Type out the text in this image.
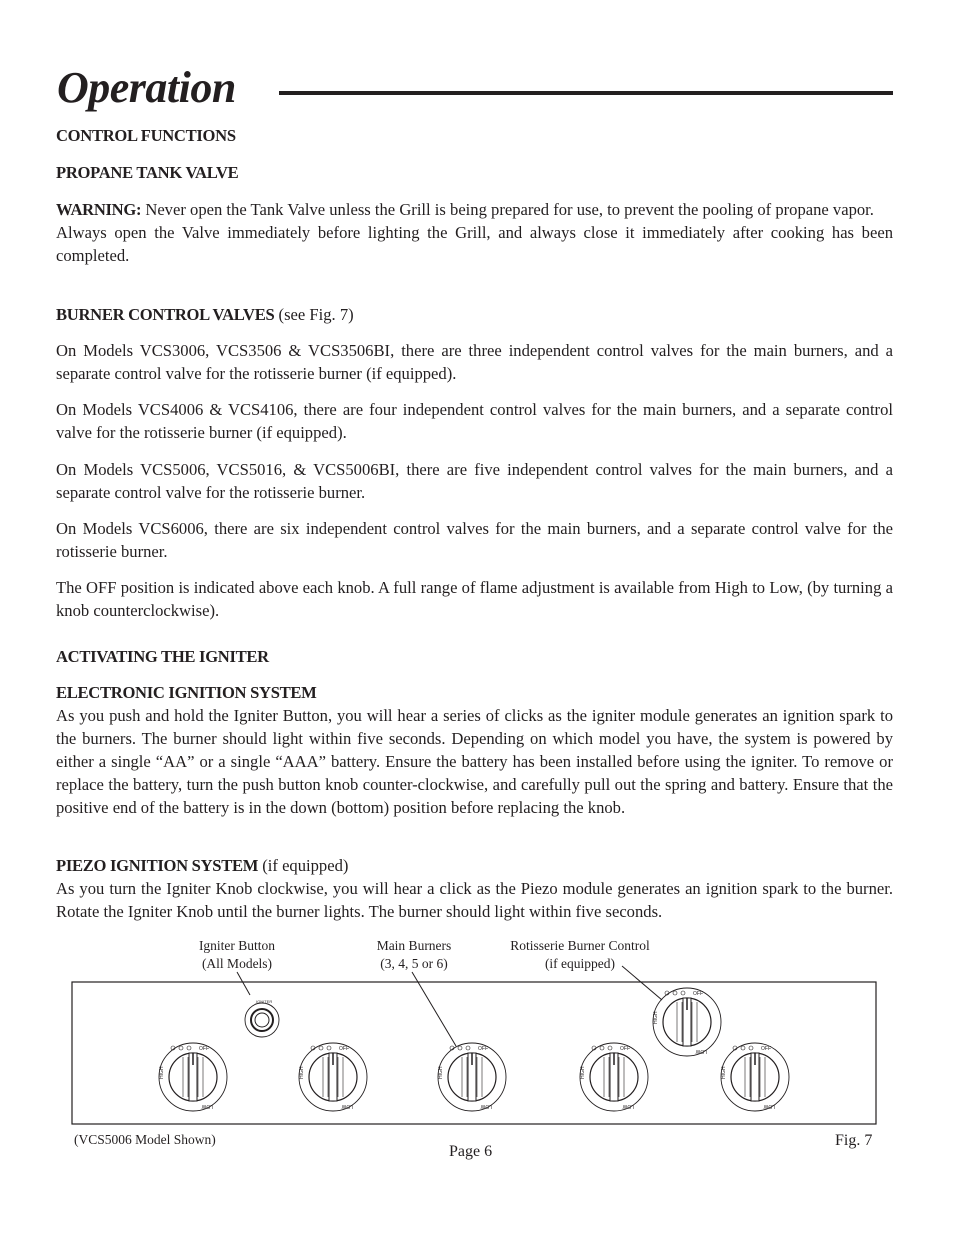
Operation
CONTROL FUNCTIONS
PROPANE TANK VALVE
WARNING: Never open the Tank Valve unless the Grill is being prepared for use, to prevent the pooling of propane vapor.
Always open the Valve immediately before lighting the Grill, and always close it immediately after cooking has been completed.
BURNER CONTROL VALVES (see Fig. 7)
On Models VCS3006, VCS3506 & VCS3506BI, there are three independent control valves for the main burners, and a separate control valve for the rotisserie burner (if equipped).
On Models VCS4006 & VCS4106, there are four independent control valves for the main burners, and a separate control valve for the rotisserie burner (if equipped).
On Models VCS5006, VCS5016, & VCS5006BI, there are five independent control valves for the main burners, and a separate control valve for the rotisserie burner.
On Models VCS6006, there are six independent control valves for the main burners, and a separate control valve for the rotisserie burner.
The OFF position is indicated above each knob. A full range of flame adjustment is available from High to Low, (by turning a knob counterclockwise).
ACTIVATING THE IGNITER
ELECTRONIC IGNITION SYSTEM
As you push and hold the Igniter Button, you will hear a series of clicks as the igniter module generates an ignition spark to the burners. The burner should light within five seconds. Depending on which model you have, the system is powered by either a single “AA” or a single “AAA” battery. Ensure the battery has been installed before using the igniter. To remove or replace the battery, turn the push button knob counter-clockwise, and carefully pull out the spring and battery. Ensure that the positive end of the battery is in the down (bottom) position before replacing the knob.
PIEZO IGNITION SYSTEM (if equipped)
As you turn the Igniter Knob clockwise, you will hear a click as the Piezo module generates an ignition spark to the burner. Rotate the Igniter Knob until the burner lights. The burner should light within five seconds.
Igniter Button
(All Models)
Main Burners
(3, 4, 5 or 6)
Rotisserie Burner Control
(if equipped)
OFF
HIGH
LOW
OFF
HIGH
LOW
OFF
HIGH
LOW
OFF
HIGH
LOW
OFF
HIGH
LOW
OFF
HIGH
LOW
IGNITER
(VCS5006 Model Shown)	Fig. 7
Page 6
